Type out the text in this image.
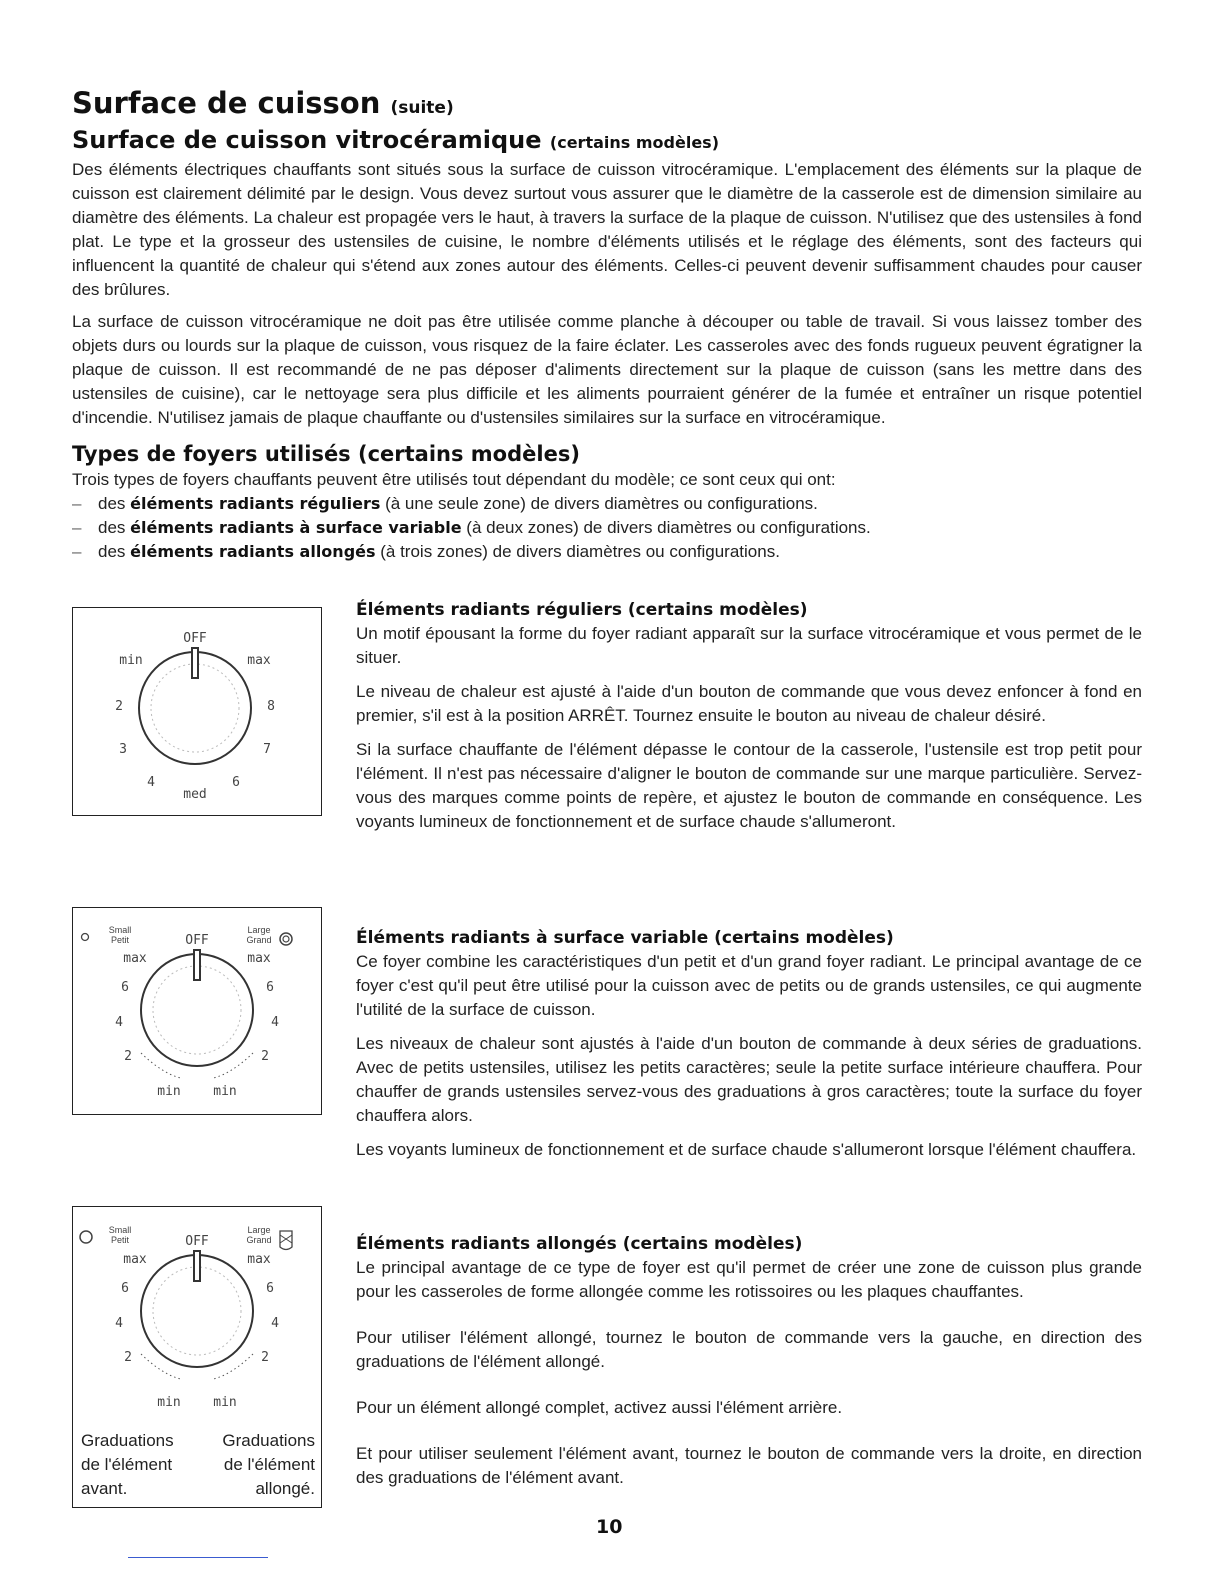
Surface de cuisson (suite)
Surface de cuisson vitrocéramique (certains modèles)

Des éléments électriques chauffants sont situés sous la surface de cuisson vitrocéramique. L'emplacement des éléments sur la plaque de cuisson est clairement délimité par le design. Vous devez surtout vous assurer que le diamètre de la casserole est de dimension similaire au diamètre des éléments. La chaleur est propagée vers le haut, à travers la surface de la plaque de cuisson. N'utilisez que des ustensiles à fond plat. Le type et la grosseur des ustensiles de cuisine, le nombre d'éléments utilisés et le réglage des éléments, sont des facteurs qui influencent la quantité de chaleur qui s'étend aux zones autour des éléments. Celles-ci peuvent devenir suffisamment chaudes pour causer des brûlures.

La surface de cuisson vitrocéramique ne doit pas être utilisée comme planche à découper ou table de travail. Si vous laissez tomber des objets durs ou lourds sur la plaque de cuisson, vous risquez de la faire éclater. Les casseroles avec des fonds rugueux peuvent égratigner la plaque de cuisson. Il est recommandé de ne pas déposer d'aliments directement sur la plaque de cuisson (sans les mettre dans des ustensiles de cuisine), car le nettoyage sera plus difficile et les aliments pourraient générer de la fumée et entraîner un risque potentiel d'incendie. N'utilisez jamais de plaque chauffante ou d'ustensiles similaires sur la surface en vitrocéramique.

Types de foyers utilisés (certains modèles)

Trois types de foyers chauffants peuvent être utilisés tout dépendant du modèle; ce sont ceux qui ont:

– des éléments radiants réguliers (à une seule zone) de divers diamètres ou configurations.
– des éléments radiants à surface variable (à deux zones) de divers diamètres ou configurations.
– des éléments radiants allongés (à trois zones) de divers diamètres ou configurations.
Éléments radiants réguliers (certains modèles)

Un motif épousant la forme du foyer radiant apparaît sur la surface vitrocéramique et vous permet de le situer.

Le niveau de chaleur est ajusté à l'aide d'un bouton de commande que vous devez enfoncer à fond en premier, s'il est à la position ARRÊT. Tournez ensuite le bouton au niveau de chaleur désiré.

Si la surface chauffante de l'élément dépasse le contour de la casserole, l'ustensile est trop petit pour l'élément. Il n'est pas nécessaire d'aligner le bouton de commande sur une marque particulière. Servez-vous des marques comme points de repère, et ajustez le bouton de commande en conséquence. Les voyants lumineux de fonctionnement et de surface chaude s'allumeront.

Éléments radiants à surface variable (certains modèles)

Ce foyer combine les caractéristiques d'un petit et d'un grand foyer radiant. Le principal avantage de ce foyer c'est qu'il peut être utilisé pour la cuisson avec de petits ou de grands ustensiles, ce qui augmente l'utilité de la surface de cuisson.

Les niveaux de chaleur sont ajustés à l'aide d'un bouton de commande à deux séries de graduations. Avec de petits ustensiles, utilisez les petits caractères; seule la petite surface intérieure chauffera. Pour chauffer de grands ustensiles servez-vous des graduations à gros caractères; toute la surface du foyer chauffera alors.

Les voyants lumineux de fonctionnement et de surface chaude s'allumeront lorsque l'élément chauffera.

Éléments radiants allongés (certains modèles)

Le principal avantage de ce type de foyer est qu'il permet de créer une zone de cuisson plus grande pour les casseroles de forme allongée comme les rotissoires ou les plaques chauffantes.

Pour utiliser l'élément allongé, tournez le bouton de commande vers la gauche, en direction des graduations de l'élément allongé.

Pour un élément allongé complet, activez aussi l'élément arrière.

Et pour utiliser seulement l'élément avant, tournez le bouton de commande vers la droite, en direction des graduations de l'élément avant.

OFF
min	max
2
3
4
med
6
7
8
Small
Petit
Large
Grand
OFF
max	max
6
4
2
6
4
2
min	min
Small
Petit
Large
Grand
OFF
max	max
6
4
2
6
4
2
min	min
Graduations
de l'élément
avant.
Graduations
de l'élément
allongé.
10
